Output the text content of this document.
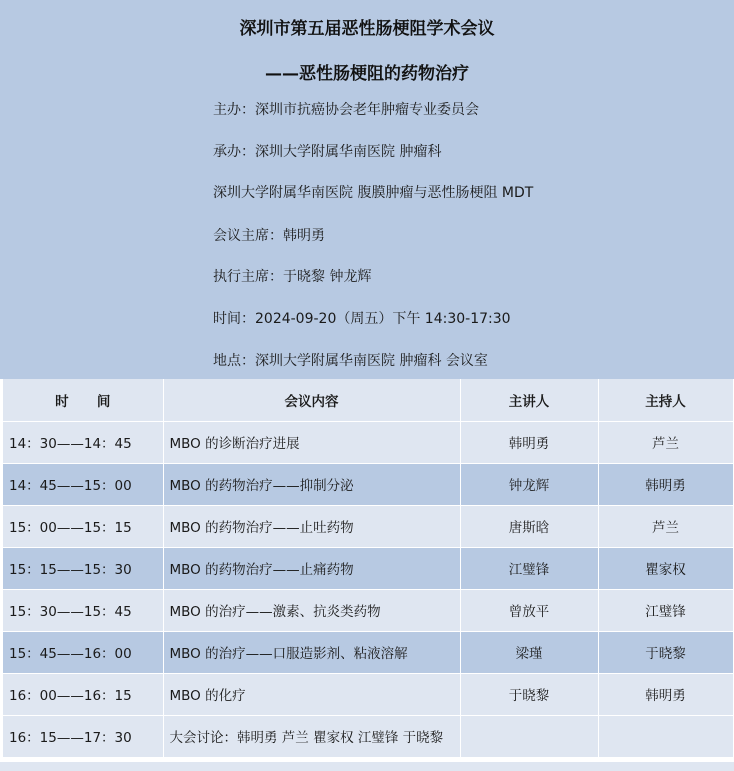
深圳市第五届恶性肠梗阻学术会议
——恶性肠梗阻的药物治疗
主办：深圳市抗癌协会老年肿瘤专业委员会
承办：深圳大学附属华南医院 肿瘤科
深圳大学附属华南医院 腹膜肿瘤与恶性肠梗阻 MDT
会议主席：韩明勇
执行主席：于晓黎 钟龙辉
时间：2024-09-20（周五）下午 14:30-17:30
地点：深圳大学附属华南医院 肿瘤科 会议室
时      间	会议内容	主讲人	主持人
14：30——14：45	MBO 的诊断治疗进展	韩明勇	芦兰
14：45——15：00	MBO 的药物治疗——抑制分泌	钟龙辉	韩明勇
15：00——15：15	MBO 的药物治疗——止吐药物	唐斯晗	芦兰
15：15——15：30	MBO 的药物治疗——止痛药物	江璧锋	瞿家权
15：30——15：45	MBO 的治疗——激素、抗炎类药物	曾放平	江璧锋
15：45——16：00	MBO 的治疗——口服造影剂、粘液溶解	梁瑾	于晓黎
16：00——16：15	MBO 的化疗	于晓黎	韩明勇
16：15——17：30	大会讨论：韩明勇 芦兰 瞿家权 江璧锋 于晓黎		
